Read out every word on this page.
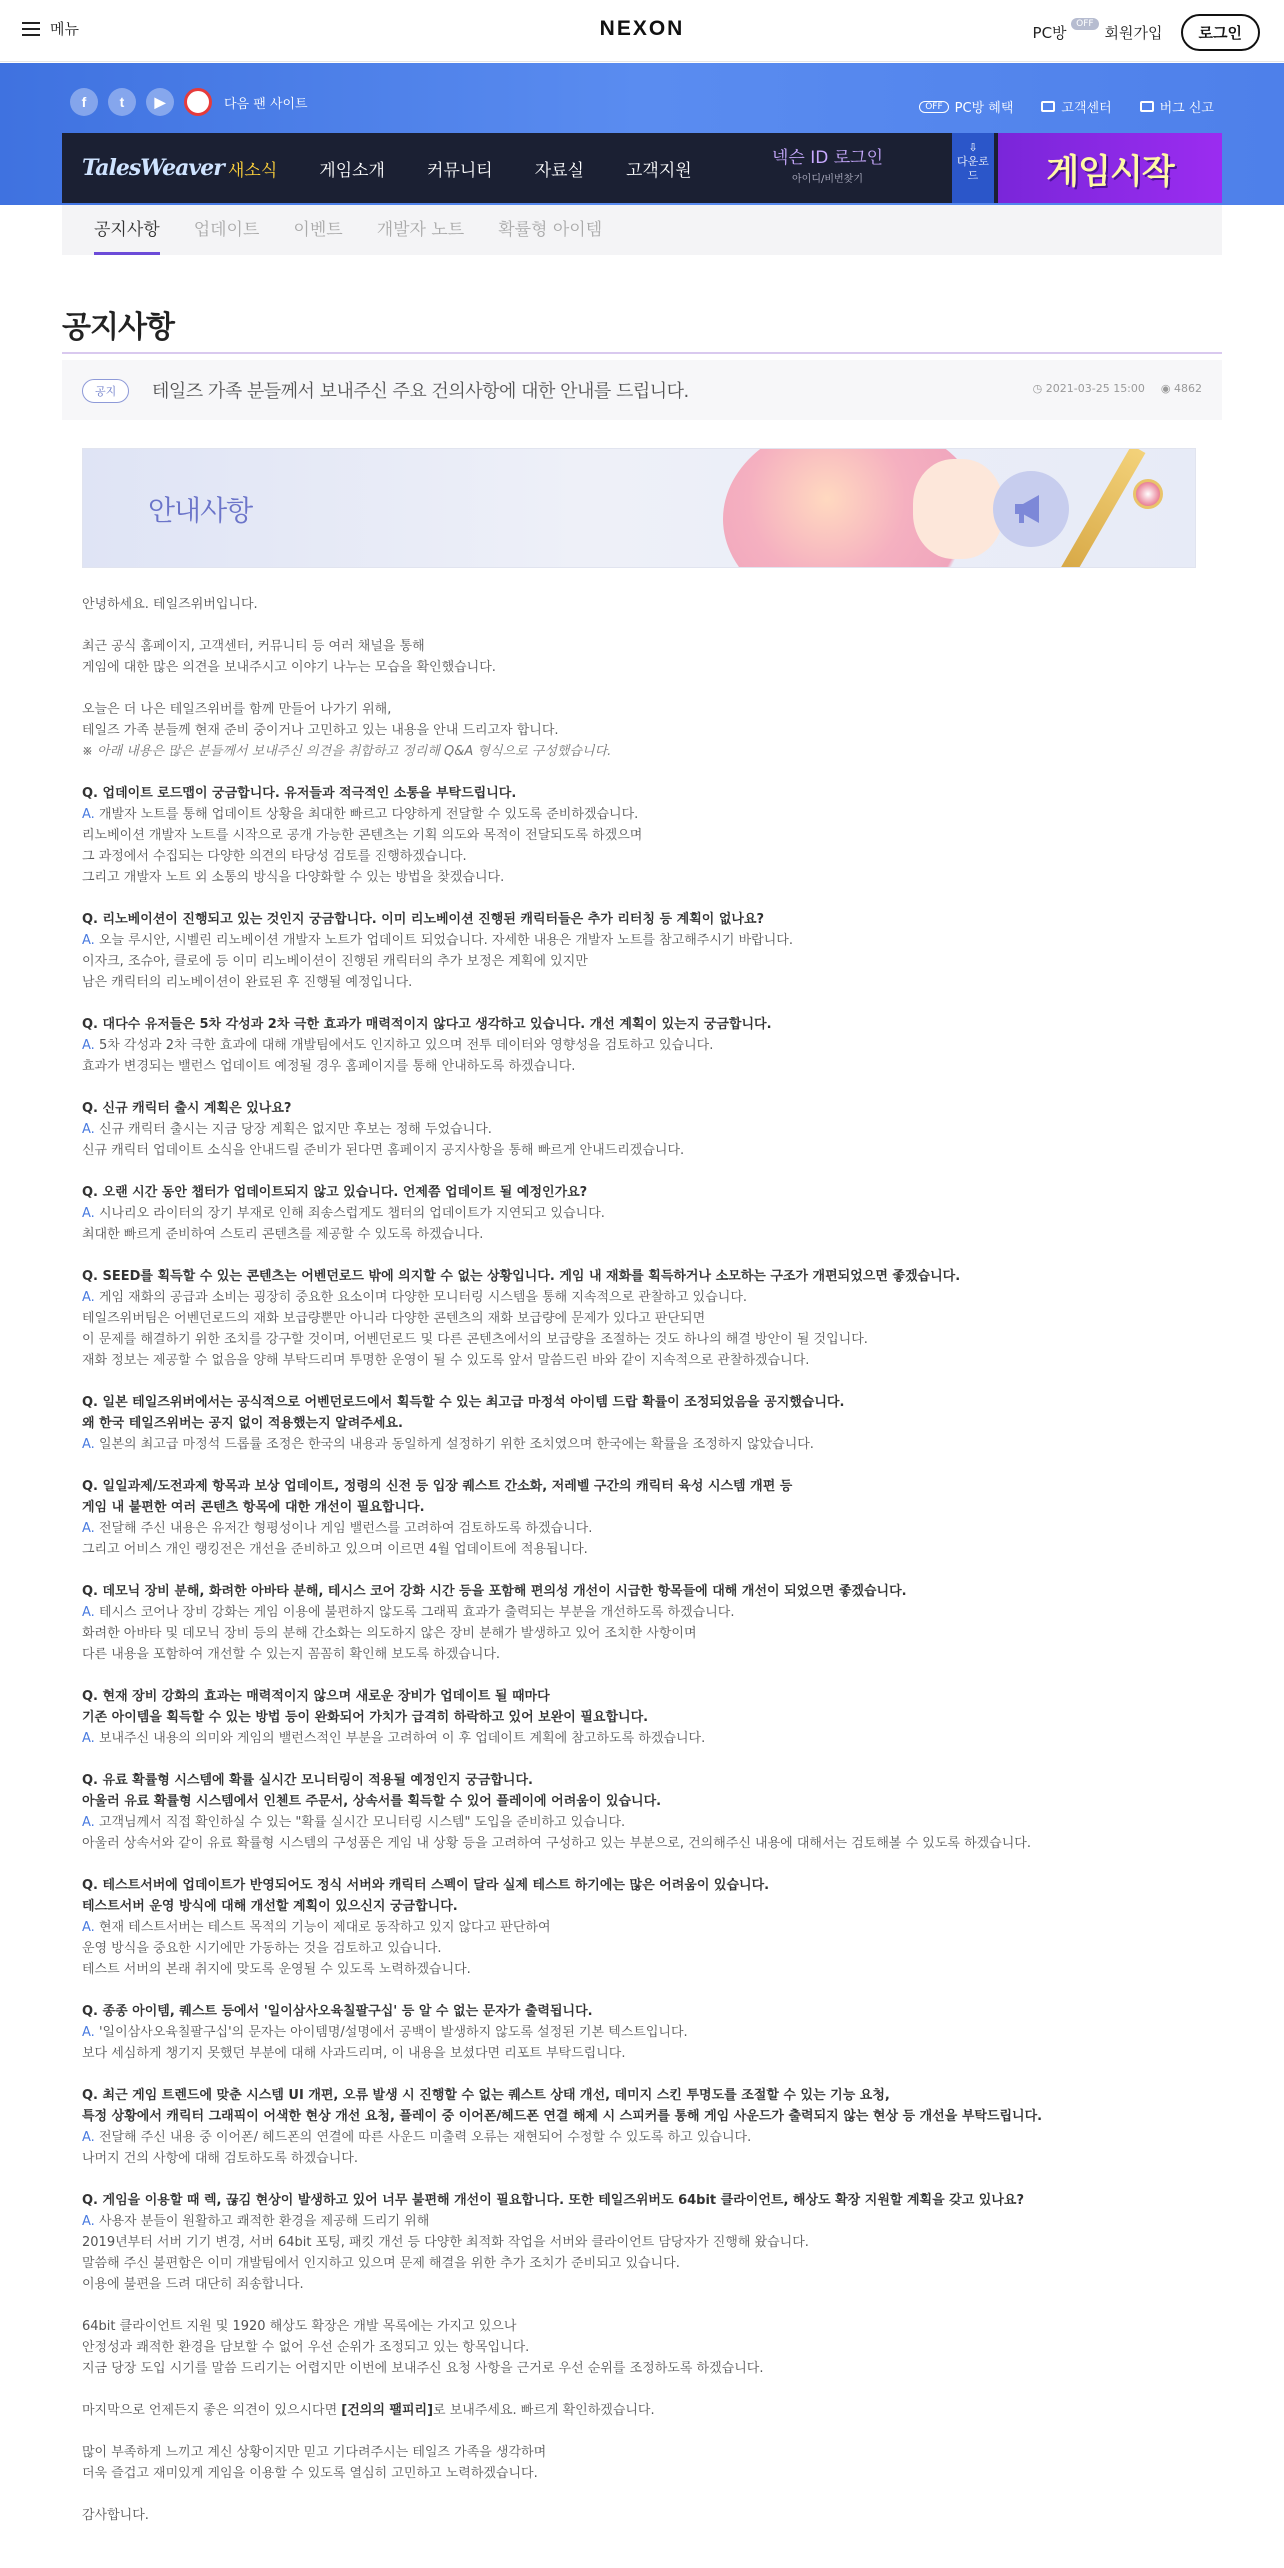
메뉴	NEXON	PC방	OFF 회원가입	로그인
f	t	▶	다음 팬 사이트	OFF PC방 혜택	고객센터	버그 신고
TalesWeaver 새소식 게임소개 커뮤니티 자료실 고객지원
넥슨 ID 로그인
아이디/비번찾기
⇩
다운로드	게임시작
공지사항 업데이트 이벤트 개발자 노트 확률형 아이템
공지사항
공지	테일즈 가족 분들께서 보내주신 주요 건의사항에 대한 안내를 드립니다.	◷ 2021-03-25 15:00 ◉ 4862
안내사항
안녕하세요. 테일즈위버입니다.
최근 공식 홈페이지, 고객센터, 커뮤니티 등 여러 채널을 통해
게임에 대한 많은 의견을 보내주시고 이야기 나누는 모습을 확인했습니다.
오늘은 더 나은 테일즈위버를 함께 만들어 나가기 위해,
테일즈 가족 분들께 현재 준비 중이거나 고민하고 있는 내용을 안내 드리고자 합니다.
※ 아래 내용은 많은 분들께서 보내주신 의견을 취합하고 정리해 Q&A 형식으로 구성했습니다.
Q. 업데이트 로드맵이 궁금합니다. 유저들과 적극적인 소통을 부탁드립니다.
A. 개발자 노트를 통해 업데이트 상황을 최대한 빠르고 다양하게 전달할 수 있도록 준비하겠습니다.
리노베이션 개발자 노트를 시작으로 공개 가능한 콘텐츠는 기획 의도와 목적이 전달되도록 하겠으며
그 과정에서 수집되는 다양한 의견의 타당성 검토를 진행하겠습니다.
그리고 개발자 노트 외 소통의 방식을 다양화할 수 있는 방법을 찾겠습니다.
Q. 리노베이션이 진행되고 있는 것인지 궁금합니다. 이미 리노베이션 진행된 캐릭터들은 추가 리터칭 등 계획이 없나요?
A. 오늘 루시안, 시벨린 리노베이션 개발자 노트가 업데이트 되었습니다. 자세한 내용은 개발자 노트를 참고해주시기 바랍니다.
이자크, 조슈아, 클로에 등 이미 리노베이션이 진행된 캐릭터의 추가 보정은 계획에 있지만
남은 캐릭터의 리노베이션이 완료된 후 진행될 예정입니다.
Q. 대다수 유저들은 5차 각성과 2차 극한 효과가 매력적이지 않다고 생각하고 있습니다. 개선 계획이 있는지 궁금합니다.
A. 5차 각성과 2차 극한 효과에 대해 개발팀에서도 인지하고 있으며 전투 데이터와 영향성을 검토하고 있습니다.
효과가 변경되는 밸런스 업데이트 예정될 경우 홈페이지를 통해 안내하도록 하겠습니다.
Q. 신규 캐릭터 출시 계획은 있나요?
A. 신규 캐릭터 출시는 지금 당장 계획은 없지만 후보는 정해 두었습니다.
신규 캐릭터 업데이트 소식을 안내드릴 준비가 된다면 홈페이지 공지사항을 통해 빠르게 안내드리겠습니다.
Q. 오랜 시간 동안 챕터가 업데이트되지 않고 있습니다. 언제쯤 업데이트 될 예정인가요?
A. 시나리오 라이터의 장기 부재로 인해 죄송스럽게도 챕터의 업데이트가 지연되고 있습니다.
최대한 빠르게 준비하여 스토리 콘텐츠를 제공할 수 있도록 하겠습니다.
Q. SEED를 획득할 수 있는 콘텐츠는 어벤던로드 밖에 의지할 수 없는 상황입니다. 게임 내 재화를 획득하거나 소모하는 구조가 개편되었으면 좋겠습니다.
A. 게임 재화의 공급과 소비는 굉장히 중요한 요소이며 다양한 모니터링 시스템을 통해 지속적으로 관찰하고 있습니다.
테일즈위버팀은 어벤던로드의 재화 보급량뿐만 아니라 다양한 콘텐츠의 재화 보급량에 문제가 있다고 판단되면
이 문제를 해결하기 위한 조치를 강구할 것이며, 어벤던로드 및 다른 콘텐츠에서의 보급량을 조절하는 것도 하나의 해결 방안이 될 것입니다.
재화 정보는 제공할 수 없음을 양해 부탁드리며 투명한 운영이 될 수 있도록 앞서 말씀드린 바와 같이 지속적으로 관찰하겠습니다.
Q. 일본 테일즈위버에서는 공식적으로 어벤던로드에서 획득할 수 있는 최고급 마정석 아이템 드랍 확률이 조정되었음을 공지했습니다.
왜 한국 테일즈위버는 공지 없이 적용했는지 알려주세요.
A. 일본의 최고급 마정석 드롭률 조정은 한국의 내용과 동일하게 설정하기 위한 조치였으며 한국에는 확률을 조정하지 않았습니다.
Q. 일일과제/도전과제 항목과 보상 업데이트, 정령의 신전 등 입장 퀘스트 간소화, 저레벨 구간의 캐릭터 육성 시스템 개편 등
게임 내 불편한 여러 콘텐츠 항목에 대한 개선이 필요합니다.
A. 전달해 주신 내용은 유저간 형평성이나 게임 밸런스를 고려하여 검토하도록 하겠습니다.
그리고 어비스 개인 랭킹전은 개선을 준비하고 있으며 이르면 4월 업데이트에 적용됩니다.
Q. 데모닉 장비 분해, 화려한 아바타 분해, 테시스 코어 강화 시간 등을 포함해 편의성 개선이 시급한 항목들에 대해 개선이 되었으면 좋겠습니다.
A. 테시스 코어나 장비 강화는 게임 이용에 불편하지 않도록 그래픽 효과가 출력되는 부분을 개선하도록 하겠습니다.
화려한 아바타 및 데모닉 장비 등의 분해 간소화는 의도하지 않은 장비 분해가 발생하고 있어 조치한 사항이며
다른 내용을 포함하여 개선할 수 있는지 꼼꼼히 확인해 보도록 하겠습니다.
Q. 현재 장비 강화의 효과는 매력적이지 않으며 새로운 장비가 업데이트 될 때마다
기존 아이템을 획득할 수 있는 방법 등이 완화되어 가치가 급격히 하락하고 있어 보완이 필요합니다.
A. 보내주신 내용의 의미와 게임의 밸런스적인 부분을 고려하여 이 후 업데이트 계획에 참고하도록 하겠습니다.
Q. 유료 확률형 시스템에 확률 실시간 모니터링이 적용될 예정인지 궁금합니다.
아울러 유료 확률형 시스템에서 인첸트 주문서, 상속서를 획득할 수 있어 플레이에 어려움이 있습니다.
A. 고객님께서 직접 확인하실 수 있는 "확률 실시간 모니터링 시스템" 도입을 준비하고 있습니다.
아울러 상속서와 같이 유료 확률형 시스템의 구성품은 게임 내 상황 등을 고려하여 구성하고 있는 부분으로, 건의해주신 내용에 대해서는 검토해볼 수 있도록 하겠습니다.
Q. 테스트서버에 업데이트가 반영되어도 정식 서버와 캐릭터 스펙이 달라 실제 테스트 하기에는 많은 어려움이 있습니다.
테스트서버 운영 방식에 대해 개선할 계획이 있으신지 궁금합니다.
A. 현재 테스트서버는 테스트 목적의 기능이 제대로 동작하고 있지 않다고 판단하여
운영 방식을 중요한 시기에만 가동하는 것을 검토하고 있습니다.
테스트 서버의 본래 취지에 맞도록 운영될 수 있도록 노력하겠습니다.
Q. 종종 아이템, 퀘스트 등에서 '일이삼사오육칠팔구십' 등 알 수 없는 문자가 출력됩니다.
A. '일이삼사오육칠팔구십'의 문자는 아이템명/설명에서 공백이 발생하지 않도록 설정된 기본 텍스트입니다.
보다 세심하게 챙기지 못했던 부분에 대해 사과드리며, 이 내용을 보셨다면 리포트 부탁드립니다.
Q. 최근 게임 트렌드에 맞춘 시스템 UI 개편, 오류 발생 시 진행할 수 없는 퀘스트 상태 개선, 데미지 스킨 투명도를 조절할 수 있는 기능 요청,
특정 상황에서 캐릭터 그래픽이 어색한 현상 개선 요청, 플레이 중 이어폰/헤드폰 연결 해제 시 스피커를 통해 게임 사운드가 출력되지 않는 현상 등 개선을 부탁드립니다.
A. 전달해 주신 내용 중 이어폰/ 헤드폰의 연결에 따른 사운드 미출력 오류는 재현되어 수정할 수 있도록 하고 있습니다.
나머지 건의 사항에 대해 검토하도록 하겠습니다.
Q. 게임을 이용할 때 렉, 끊김 현상이 발생하고 있어 너무 불편해 개선이 필요합니다. 또한 테일즈위버도 64bit 클라이언트, 해상도 확장 지원할 계획을 갖고 있나요?
A. 사용자 분들이 원활하고 쾌적한 환경을 제공해 드리기 위해
2019년부터 서버 기기 변경, 서버 64bit 포팅, 패킷 개선 등 다양한 최적화 작업을 서버와 클라이언트 담당자가 진행해 왔습니다.
말씀해 주신 불편함은 이미 개발팀에서 인지하고 있으며 문제 해결을 위한 추가 조치가 준비되고 있습니다.
이용에 불편을 드려 대단히 죄송합니다.
64bit 클라이언트 지원 및 1920 해상도 확장은 개발 목록에는 가지고 있으나
안정성과 쾌적한 환경을 담보할 수 없어 우선 순위가 조정되고 있는 항목입니다.
지금 당장 도입 시기를 말씀 드리기는 어렵지만 이번에 보내주신 요청 사항을 근거로 우선 순위를 조정하도록 하겠습니다.
마지막으로 언제든지 좋은 의견이 있으시다면 [건의의 팰피리]로 보내주세요. 빠르게 확인하겠습니다.
많이 부족하게 느끼고 계신 상황이지만 믿고 기다려주시는 테일즈 가족을 생각하며
더욱 즐겁고 재미있게 게임을 이용할 수 있도록 열심히 고민하고 노력하겠습니다.
감사합니다.
